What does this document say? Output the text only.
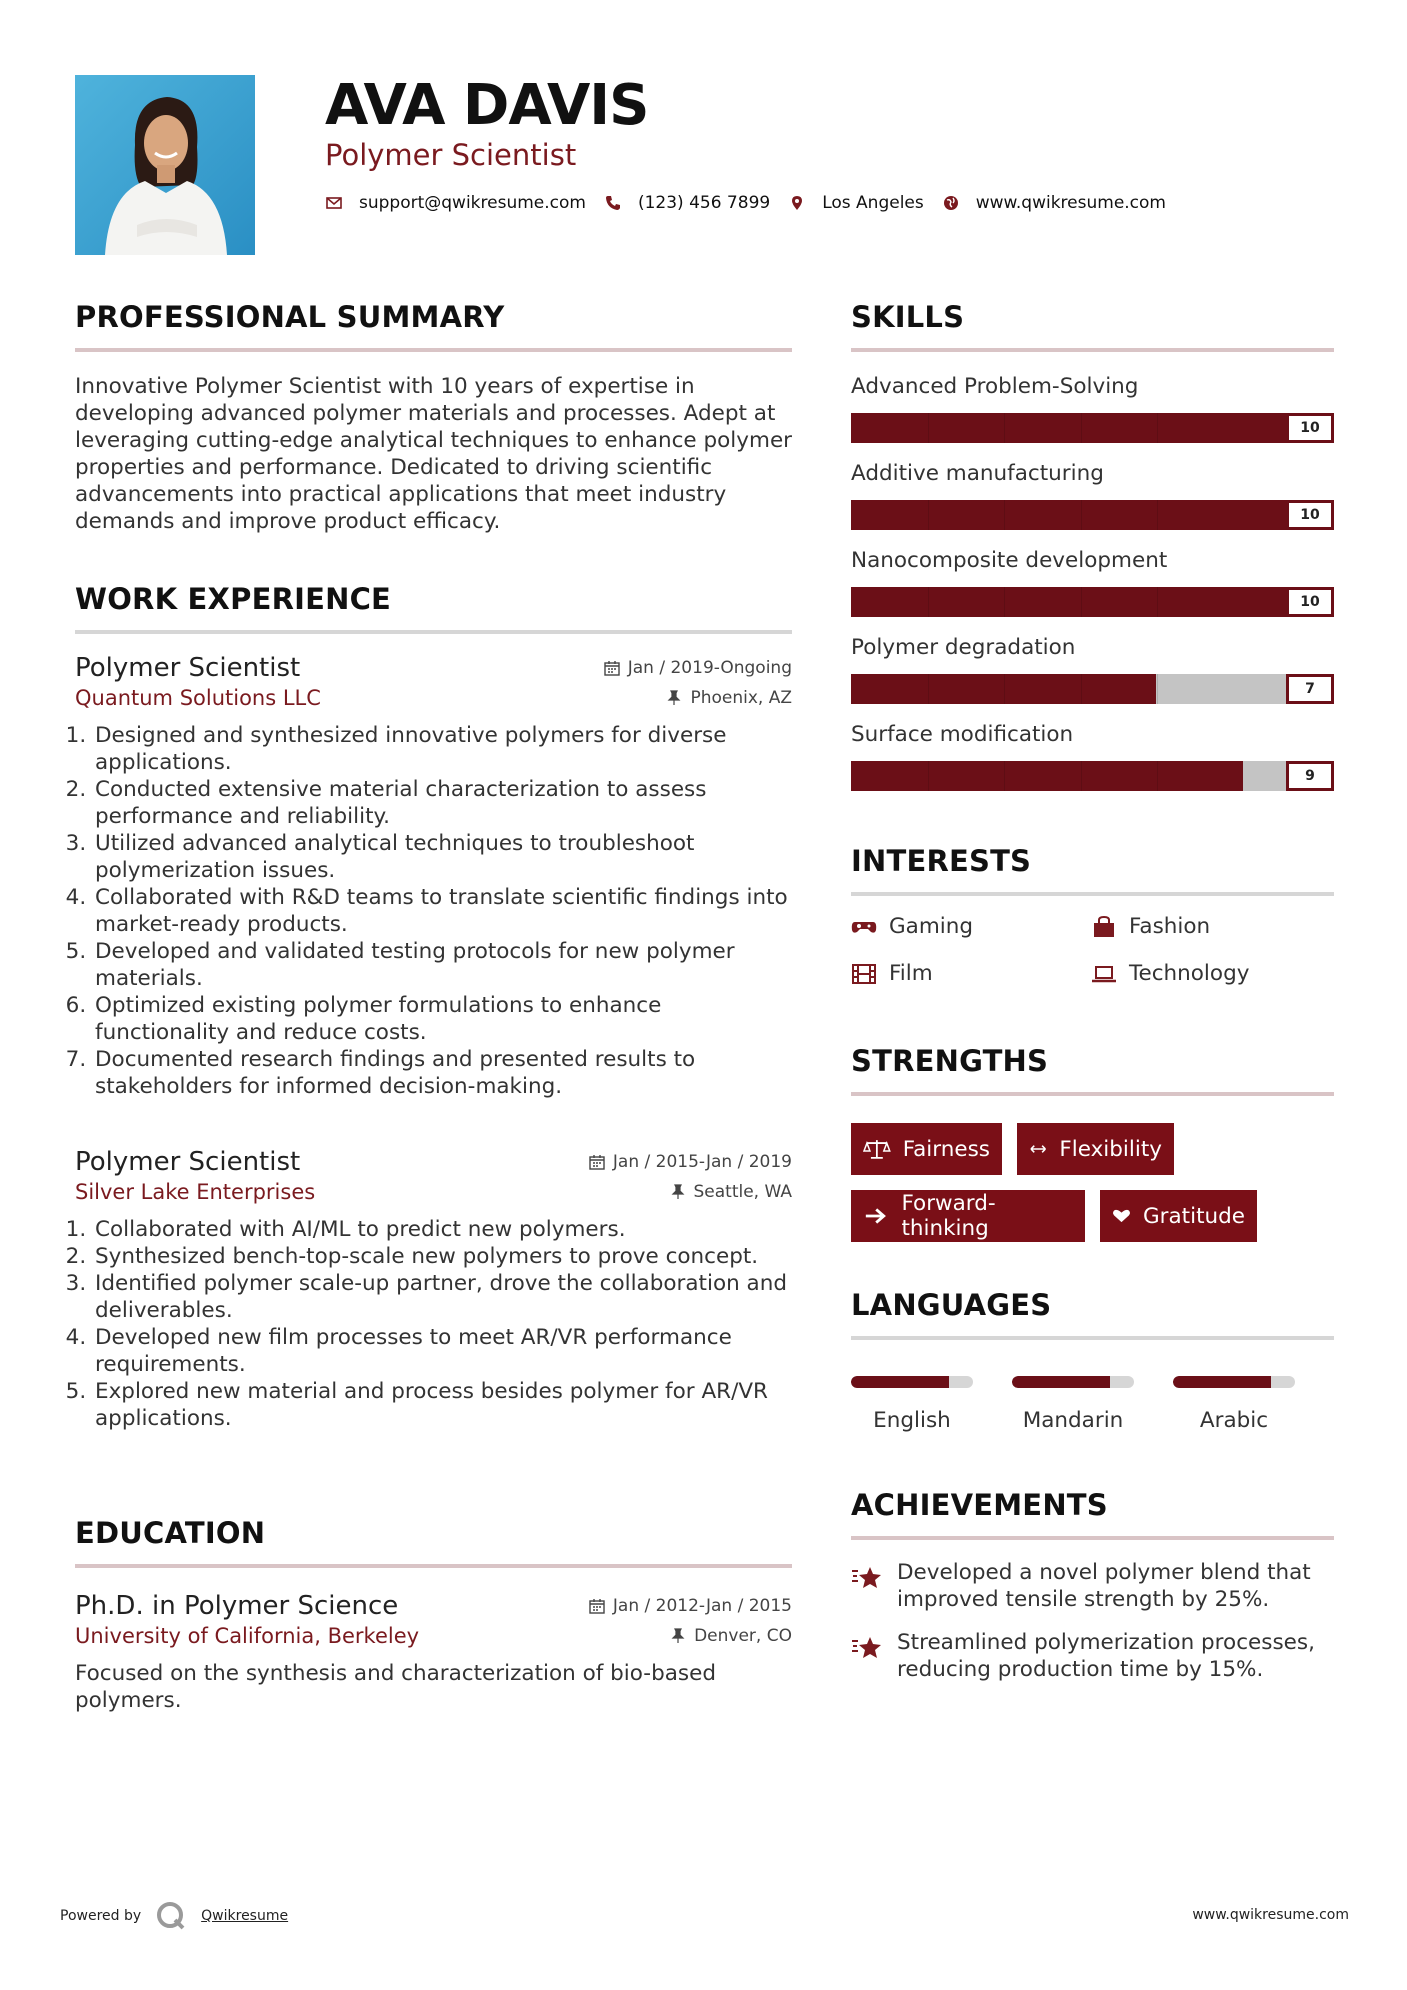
AVA DAVIS
Polymer Scientist
support@qwikresume.com	(123) 456 7899	Los Angeles	www.qwikresume.com
PROFESSIONAL SUMMARY
Innovative Polymer Scientist with 10 years of expertise in developing advanced polymer materials and processes. Adept at leveraging cutting-edge analytical techniques to enhance polymer properties and performance. Dedicated to driving scientific advancements into practical applications that meet industry demands and improve product efficacy.
WORK EXPERIENCE
Polymer Scientist	Jan / 2019-Ongoing
Quantum Solutions LLC	Phoenix, AZ
1. Designed and synthesized innovative polymers for diverse applications.
2. Conducted extensive material characterization to assess performance and reliability.
3. Utilized advanced analytical techniques to troubleshoot polymerization issues.
4. Collaborated with R&D teams to translate scientific findings into market-ready products.
5. Developed and validated testing protocols for new polymer materials.
6. Optimized existing polymer formulations to enhance functionality and reduce costs.
7. Documented research findings and presented results to stakeholders for informed decision-making.
Polymer Scientist	Jan / 2015-Jan / 2019
Silver Lake Enterprises	Seattle, WA
1. Collaborated with AI/ML to predict new polymers.
2. Synthesized bench-top-scale new polymers to prove concept.
3. Identified polymer scale-up partner, drove the collaboration and deliverables.
4. Developed new film processes to meet AR/VR performance requirements.
5. Explored new material and process besides polymer for AR/VR applications.
EDUCATION
Ph.D. in Polymer Science	Jan / 2012-Jan / 2015
University of California, Berkeley	Denver, CO
Focused on the synthesis and characterization of bio-based polymers.
SKILLS
Advanced Problem-Solving
10
Additive manufacturing
10
Nanocomposite development
10
Polymer degradation
7
Surface modification
9
INTERESTS
Gaming	Fashion
Film	Technology
STRENGTHS
Fairness	Flexibility
Forward-thinking	Gratitude
LANGUAGES
English	Mandarin	Arabic
ACHIEVEMENTS
Developed a novel polymer blend that improved tensile strength by 25%.
Streamlined polymerization processes, reducing production time by 15%.
Powered by	Qwikresume	www.qwikresume.com
